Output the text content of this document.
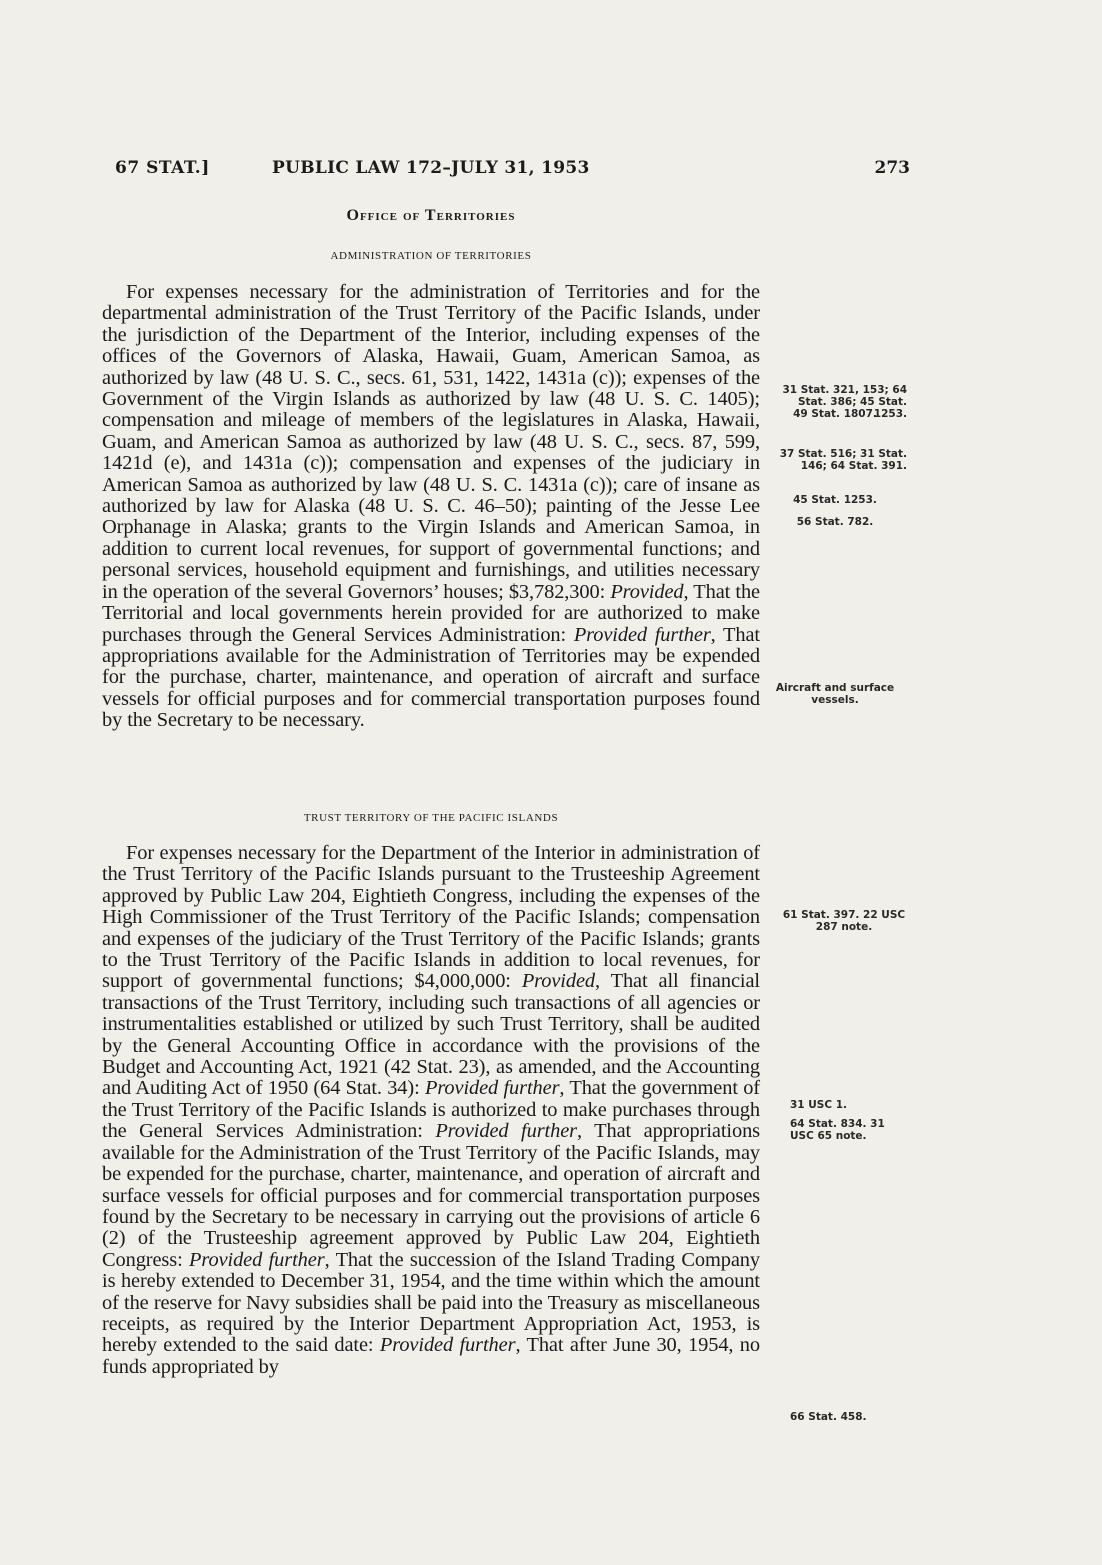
67 STAT.]	PUBLIC LAW 172–JULY 31, 1953	273
Office of Territories
ADMINISTRATION OF TERRITORIES

For expenses necessary for the administration of Territories and for the departmental administration of the Trust Territory of the Pacific Islands, under the jurisdiction of the Department of the Interior, including expenses of the offices of the Governors of Alaska, Hawaii, Guam, American Samoa, as authorized by law (48 U. S. C., secs. 61, 531, 1422, 1431a (c)); expenses of the Government of the Virgin Islands as authorized by law (48 U. S. C. 1405); compensation and mileage of members of the legislatures in Alaska, Hawaii, Guam, and American Samoa as authorized by law (48 U. S. C., secs. 87, 599, 1421d (e), and 1431a (c)); compensation and expenses of the judiciary in American Samoa as authorized by law (48 U. S. C. 1431a (c)); care of insane as authorized by law for Alaska (48 U. S. C. 46–50); painting of the Jesse Lee Orphanage in Alaska; grants to the Virgin Islands and American Samoa, in addition to current local revenues, for support of governmental functions; and personal services, household equipment and furnishings, and utilities necessary in the operation of the several Governors’ houses; $3,782,300: Provided, That the Territorial and local governments herein provided for are authorized to make purchases through the General Services Administration: Provided further, That appropriations available for the Administration of Territories may be expended for the purchase, charter, maintenance, and operation of aircraft and surface vessels for official purposes and for commercial transportation purposes found by the Secretary to be necessary.

TRUST TERRITORY OF THE PACIFIC ISLANDS

For expenses necessary for the Department of the Interior in administration of the Trust Territory of the Pacific Islands pursuant to the Trusteeship Agreement approved by Public Law 204, Eightieth Congress, including the expenses of the High Commissioner of the Trust Territory of the Pacific Islands; compensation and expenses of the judiciary of the Trust Territory of the Pacific Islands; grants to the Trust Territory of the Pacific Islands in addition to local revenues, for support of governmental functions; $4,000,000: Provided, That all financial transactions of the Trust Territory, including such transactions of all agencies or instrumentalities established or utilized by such Trust Territory, shall be audited by the General Accounting Office in accordance with the provisions of the Budget and Accounting Act, 1921 (42 Stat. 23), as amended, and the Accounting and Auditing Act of 1950 (64 Stat. 34): Provided further, That the government of the Trust Territory of the Pacific Islands is authorized to make purchases through the General Services Administration: Provided further, That appropriations available for the Administration of the Trust Territory of the Pacific Islands, may be expended for the purchase, charter, maintenance, and operation of aircraft and surface vessels for official purposes and for commercial transportation purposes found by the Secretary to be necessary in carrying out the provisions of article 6 (2) of the Trusteeship agreement approved by Public Law 204, Eightieth Congress: Provided further, That the succession of the Island Trading Company is hereby extended to December 31, 1954, and the time within which the amount of the reserve for Navy subsidies shall be paid into the Treasury as miscellaneous receipts, as required by the Interior Department Appropriation Act, 1953, is hereby extended to the said date: Provided further, That after June 30, 1954, no funds appropriated by

31 Stat. 321, 153; 64 Stat. 386; 45 Stat. 1253.
49 Stat. 1807.
37 Stat. 516; 31 Stat. 146; 64 Stat. 391.
45 Stat. 1253.
56 Stat. 782.
Aircraft and surface vessels.
61 Stat. 397. 22 USC 287 note.
31 USC 1.
64 Stat. 834. 31 USC 65 note.
66 Stat. 458.
